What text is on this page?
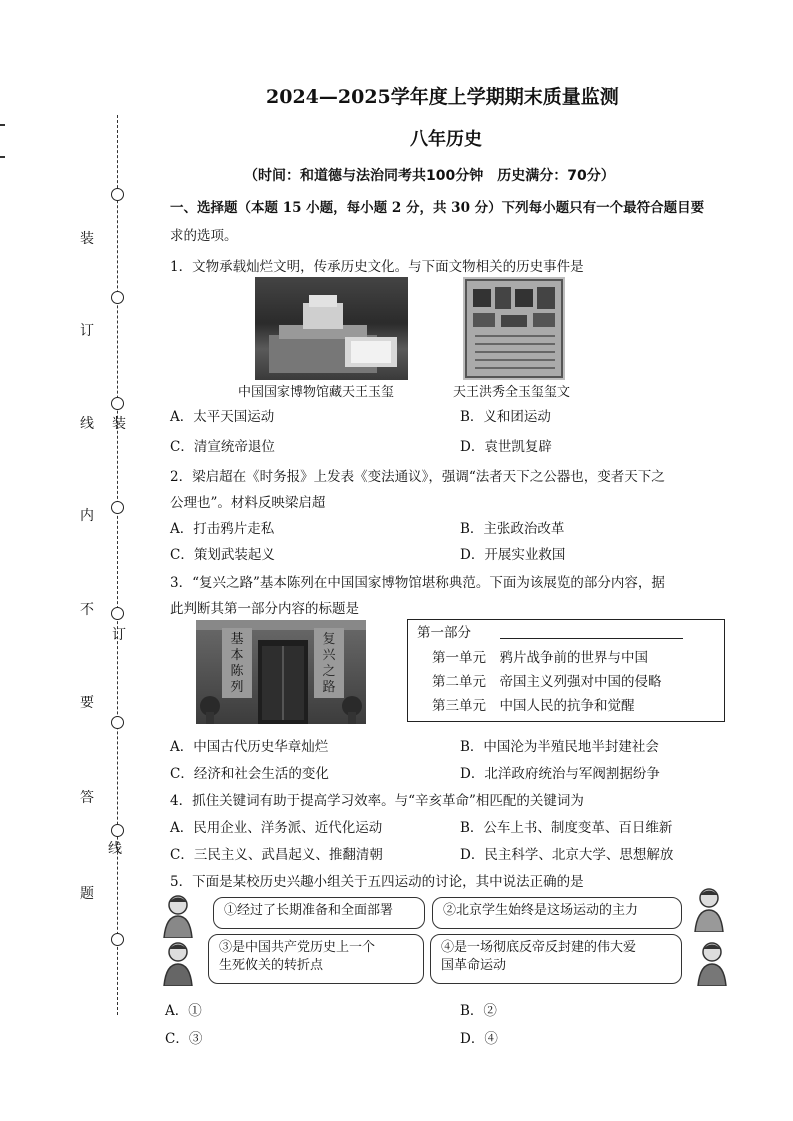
2024—2025学年度上学期期末质量监测
八年历史
（时间：和道德与法治同考共100分钟　历史满分：70分）
装
订
线
内
不
要
答
题
装
订
线
一、选择题（本题 15 小题，每小题 2 分，共 30 分）下列每小题只有一个最符合题目要
求的选项。
1．文物承载灿烂文明，传承历史文化。与下面文物相关的历史事件是
中国国家博物馆藏天王玉玺	天王洪秀全玉玺玺文
A．太平天国运动	B．义和团运动
C．清宣统帝退位	D．袁世凯复辟
2．梁启超在《时务报》上发表《变法通议》，强调“法者天下之公器也，变者天下之
公理也”。材料反映梁启超
A．打击鸦片走私	B．主张政治改革
C．策划武装起义	D．开展实业救国
3．“复兴之路”基本陈列在中国国家博物馆堪称典范。下面为该展览的部分内容，据
此判断其第一部分内容的标题是
基本陈列
复兴之路
第一部分
第一单元　鸦片战争前的世界与中国
第二单元　帝国主义列强对中国的侵略
第三单元　中国人民的抗争和觉醒
A．中国古代历史华章灿烂	B．中国沦为半殖民地半封建社会
C．经济和社会生活的变化	D．北洋政府统治与军阀割据纷争
4．抓住关键词有助于提高学习效率。与“辛亥革命”相匹配的关键词为
A．民用企业、洋务派、近代化运动	B．公车上书、制度变革、百日维新
C．三民主义、武昌起义、推翻清朝	D．民主科学、北京大学、思想解放
5．下面是某校历史兴趣小组关于五四运动的讨论，其中说法正确的是
①经过了长期准备和全面部署	②北京学生始终是这场运动的主力
③是中国共产党历史上一个
生死攸关的转折点
④是一场彻底反帝反封建的伟大爱
国革命运动
A．①	B．②
C．③	D．④
